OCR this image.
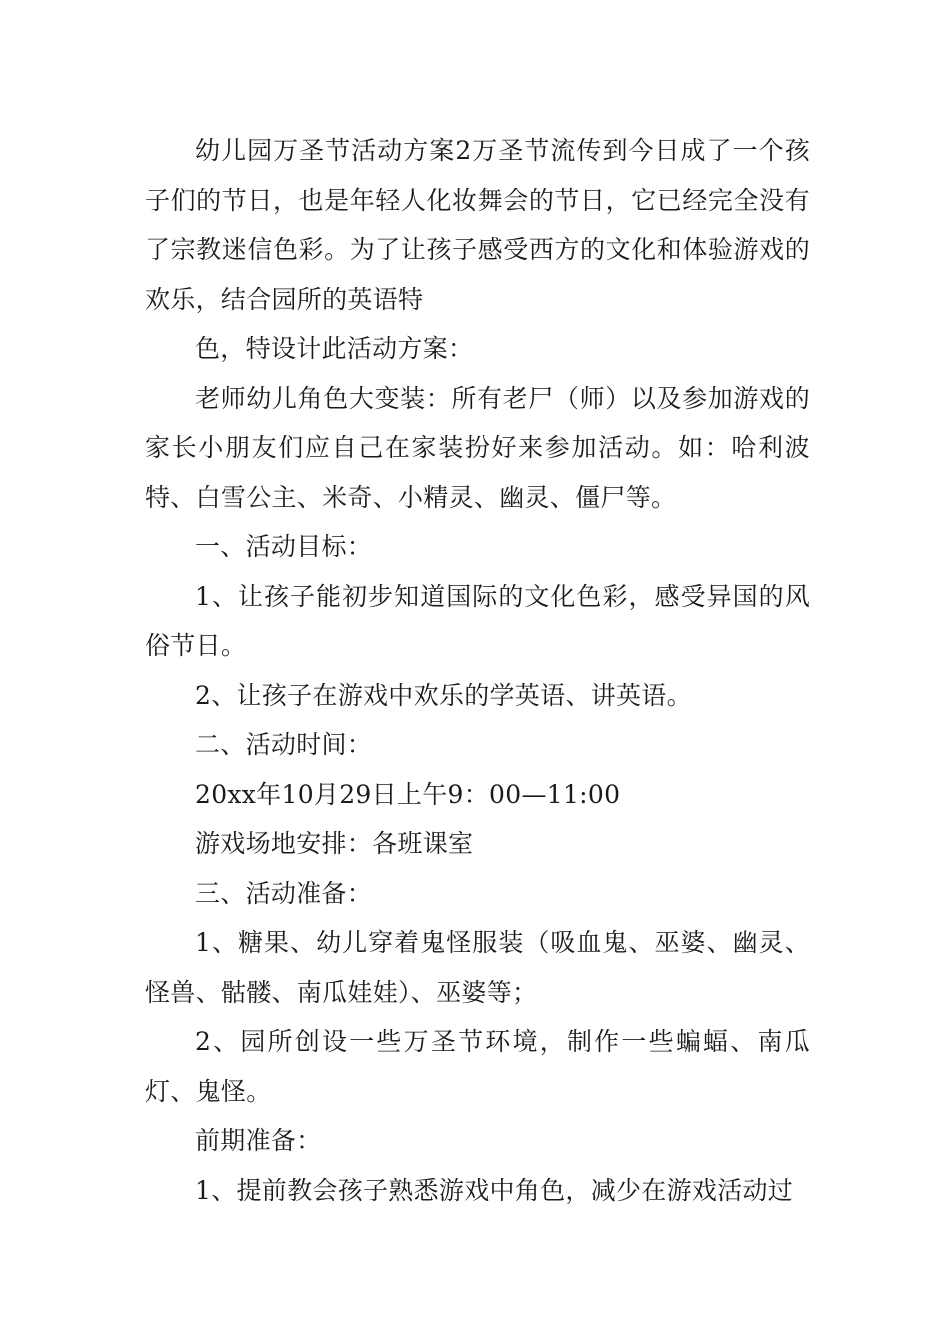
幼儿园万圣节活动方案2万圣节流传到今日成了一个孩子们的节日，也是年轻人化妆舞会的节日，它已经完全没有了宗教迷信色彩。为了让孩子感受西方的文化和体验游戏的欢乐，结合园所的英语特

色，特设计此活动方案：

老师幼儿角色大变装：所有老尸（师）以及参加游戏的家长小朋友们应自己在家装扮好来参加活动。如：哈利波特、白雪公主、米奇、小精灵、幽灵、僵尸等。

一、活动目标：

1、让孩子能初步知道国际的文化色彩，感受异国的风俗节日。

2、让孩子在游戏中欢乐的学英语、讲英语。

二、活动时间：

20xx年10月29日上午9：00—11:00

游戏场地安排：各班课室

三、活动准备：

1、糖果、幼儿穿着鬼怪服装（吸血鬼、巫婆、幽灵、怪兽、骷髅、南瓜娃娃）、巫婆等；

2、园所创设一些万圣节环境，制作一些蝙蝠、南瓜灯、鬼怪。

前期准备：

1、提前教会孩子熟悉游戏中角色，减少在游戏活动过
